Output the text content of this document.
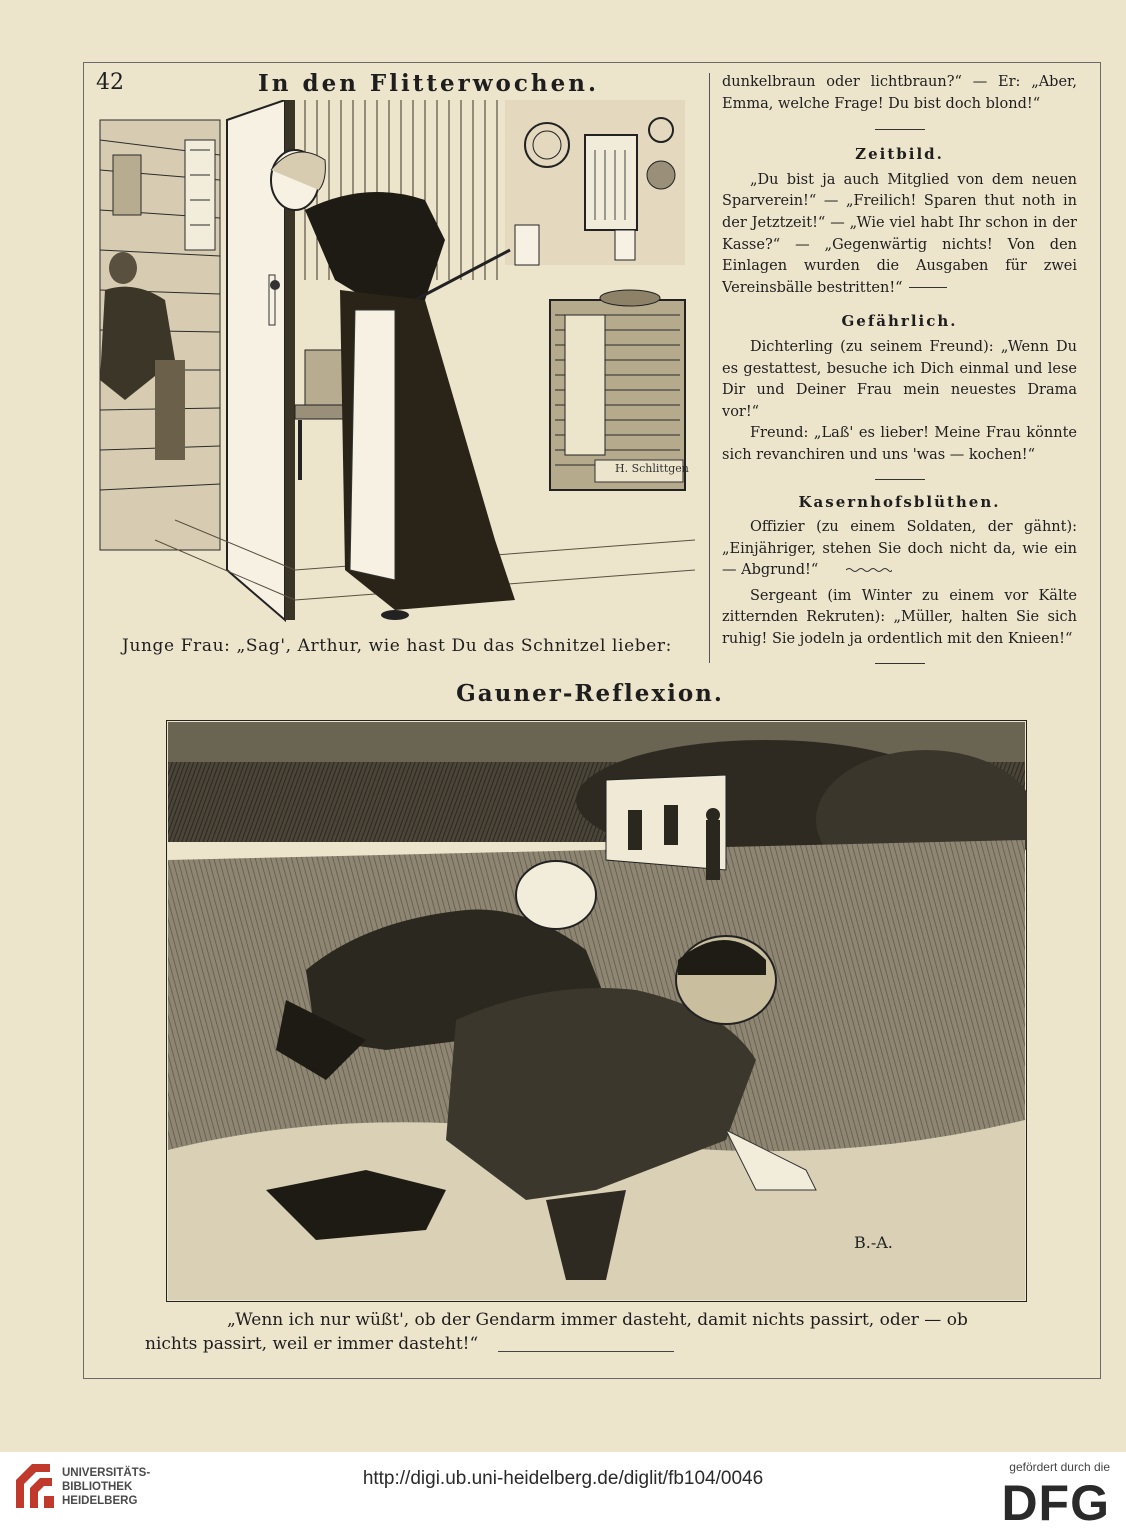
42	In den Flitterwochen.
H. Schlittgen
Junge Frau: „Sag', Arthur, wie hast Du das Schnitzel lieber:

dunkelbraun oder lichtbraun?“ — Er: „Aber, Emma, welche Frage! Du bist doch blond!“

Zeitbild.

„Du bist ja auch Mitglied von dem neuen Sparverein!“ — „Freilich! Sparen thut noth in der Jetztzeit!“ — „Wie viel habt Ihr schon in der Kasse?“ — „Gegenwärtig nichts! Von den Einlagen wurden die Ausgaben für zwei Vereinsbälle bestritten!“

Gefährlich.

Dichterling (zu seinem Freund): „Wenn Du es gestattest, besuche ich Dich einmal und lese Dir und Deiner Frau mein neuestes Drama vor!“

Freund: „Laß' es lieber! Meine Frau könnte sich revanchiren und uns 'was — kochen!“

Kasernhofsblüthen.

Offizier (zu einem Soldaten, der gähnt): „Einjähriger, stehen Sie doch nicht da, wie ein — Abgrund!“

Sergeant (im Winter zu einem vor Kälte zitternden Rekruten): „Müller, halten Sie sich ruhig! Sie jodeln ja ordentlich mit den Knieen!“

Gauner-Reflexion.
B.-A.
„Wenn ich nur wüßt', ob der Gendarm immer dasteht, damit nichts passirt, oder — ob nichts passirt, weil er immer dasteht!“
UNIVERSITÄTS-
BIBLIOTHEK
HEIDELBERG
http://digi.ub.uni-heidelberg.de/diglit/fb104/0046
gefördert durch die
DFG
